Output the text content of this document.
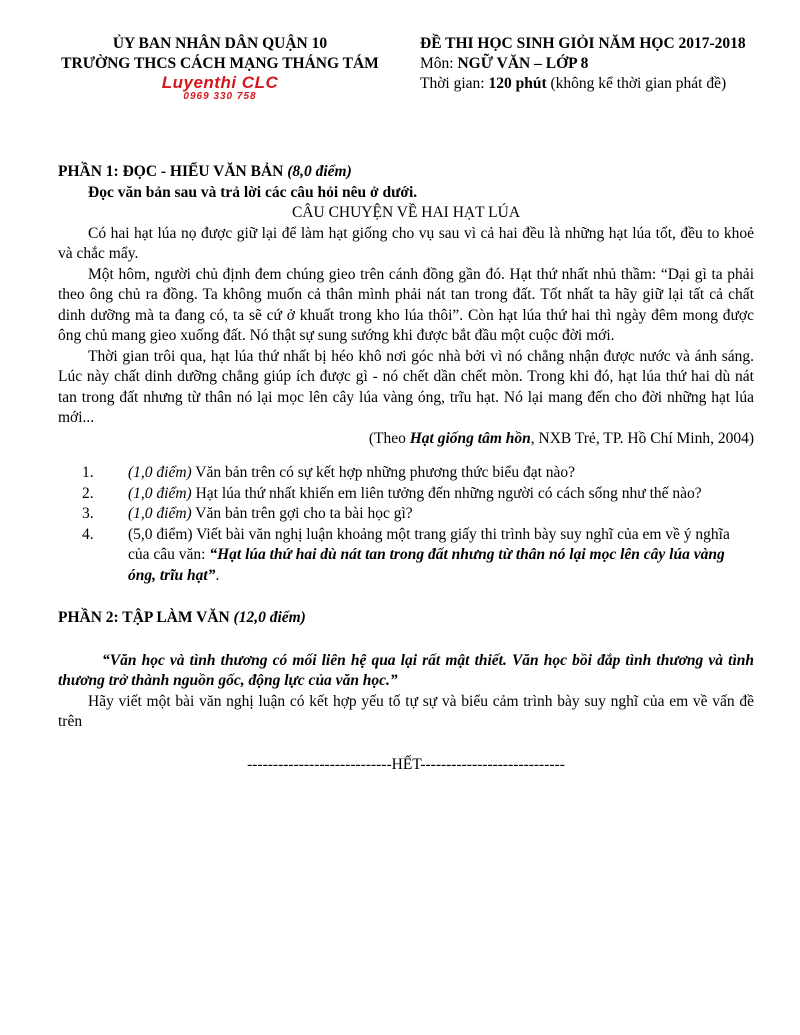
ỦY BAN NHÂN DÂN QUẬN 10
TRƯỜNG THCS CÁCH MẠNG THÁNG TÁM
Luyenthi CLC
0969 330 758
ĐỀ THI HỌC SINH GIỎI NĂM HỌC 2017-2018
Môn: NGỮ VĂN – LỚP 8
Thời gian: 120 phút (không kể thời gian phát đề)

PHẦN 1: ĐỌC - HIỂU VĂN BẢN (8,0 điểm)

Đọc văn bản sau và trả lời các câu hỏi nêu ở dưới.

CÂU CHUYỆN VỀ HAI HẠT LÚA

Có hai hạt lúa nọ được giữ lại để làm hạt giống cho vụ sau vì cả hai đều là những hạt lúa tốt, đều to khoẻ và chắc mẩy.

Một hôm, người chủ định đem chúng gieo trên cánh đồng gần đó. Hạt thứ nhất nhủ thầm: “Dại gì ta phải theo ông chủ ra đồng. Ta không muốn cả thân mình phải nát tan trong đất. Tốt nhất ta hãy giữ lại tất cả chất dinh dưỡng mà ta đang có, ta sẽ cứ ở khuất trong kho lúa thôi”. Còn hạt lúa thứ hai thì ngày đêm mong được ông chủ mang gieo xuống đất. Nó thật sự sung sướng khi được bắt đầu một cuộc đời mới.

Thời gian trôi qua, hạt lúa thứ nhất bị héo khô nơi góc nhà bởi vì nó chẳng nhận được nước và ánh sáng. Lúc này chất dinh dưỡng chẳng giúp ích được gì - nó chết dần chết mòn. Trong khi đó, hạt lúa thứ hai dù nát tan trong đất nhưng từ thân nó lại mọc lên cây lúa vàng óng, trĩu hạt. Nó lại mang đến cho đời những hạt lúa mới...

(Theo Hạt giống tâm hồn, NXB Trẻ, TP. Hồ Chí Minh, 2004)

1.	(1,0 điểm) Văn bản trên có sự kết hợp những phương thức biểu đạt nào?
2.	(1,0 điểm) Hạt lúa thứ nhất khiến em liên tưởng đến những người có cách sống như thế nào?
3.	(1,0 điểm) Văn bản trên gợi cho ta bài học gì?
4.	(5,0 điểm) Viết bài văn nghị luận khoảng một trang giấy thi trình bày suy nghĩ của em về ý nghĩa của câu văn: “Hạt lúa thứ hai dù nát tan trong đất nhưng từ thân nó lại mọc lên cây lúa vàng óng, trĩu hạt”.

PHẦN 2: TẬP LÀM VĂN (12,0 điểm)

“Văn học và tình thương có mối liên hệ qua lại rất mật thiết. Văn học bồi đắp tình thương và tình thương trở thành nguồn gốc, động lực của văn học.”

Hãy viết một bài văn nghị luận có kết hợp yếu tố tự sự và biểu cảm trình bày suy nghĩ của em về vấn đề trên

----------------------------HẾT----------------------------
